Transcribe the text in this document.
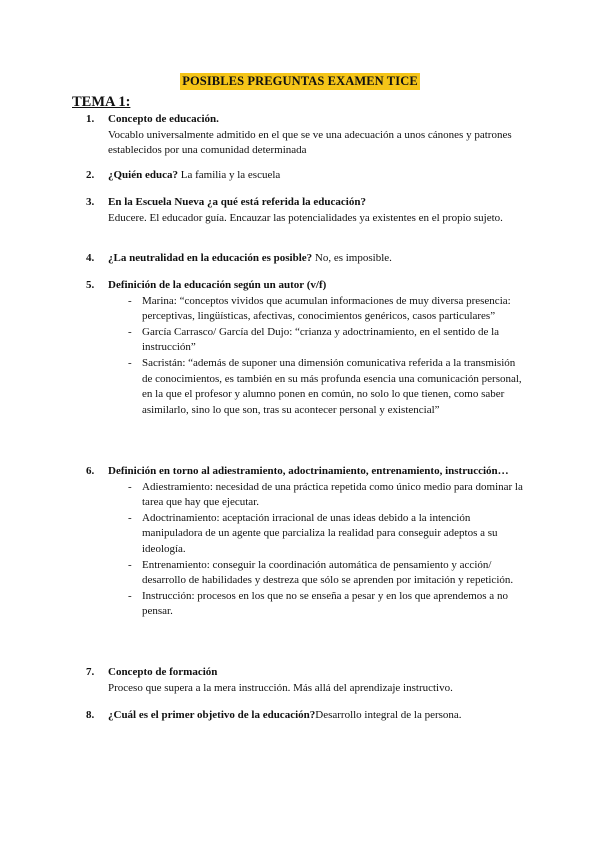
POSIBLES PREGUNTAS EXAMEN TICE
TEMA 1:
1. Concepto de educación.
Vocablo universalmente admitido en el que se ve una adecuación a unos cánones y patrones establecidos por una comunidad determinada
2. ¿Quién educa? La familia y la escuela
3. En la Escuela Nueva ¿a qué está referida la educación?
Educere. El educador guía. Encauzar las potencialidades ya existentes en el propio sujeto.
4. ¿La neutralidad en la educación es posible? No, es imposible.
5. Definición de la educación según un autor (v/f)
- Marina: “conceptos vividos que acumulan informaciones de muy diversa presencia: perceptivas, lingüísticas, afectivas, conocimientos genéricos, casos particulares”
- García Carrasco/ García del Dujo: “crianza y adoctrinamiento, en el sentido de la instrucción”
- Sacristán: “además de suponer una dimensión comunicativa referida a la transmisión de conocimientos, es también en su más profunda esencia una comunicación personal, en la que el profesor y alumno ponen en común, no solo lo que tienen, como saber asimilarlo, sino lo que son, tras su acontecer personal y existencial”
6. Definición en torno al adiestramiento, adoctrinamiento, entrenamiento, instrucción…
- Adiestramiento: necesidad de una práctica repetida como único medio para dominar la tarea que hay que ejecutar.
- Adoctrinamiento: aceptación irracional de unas ideas debido a la intención manipuladora de un agente que parcializa la realidad para conseguir adeptos a su ideología.
- Entrenamiento: conseguir la coordinación automática de pensamiento y acción/ desarrollo de habilidades y destreza que sólo se aprenden por imitación y repetición.
- Instrucción: procesos en los que no se enseña a pesar y en los que aprendemos a no pensar.
7. Concepto de formación
Proceso que supera a la mera instrucción. Más allá del aprendizaje instructivo.
8. ¿Cuál es el primer objetivo de la educación?Desarrollo integral de la persona.
